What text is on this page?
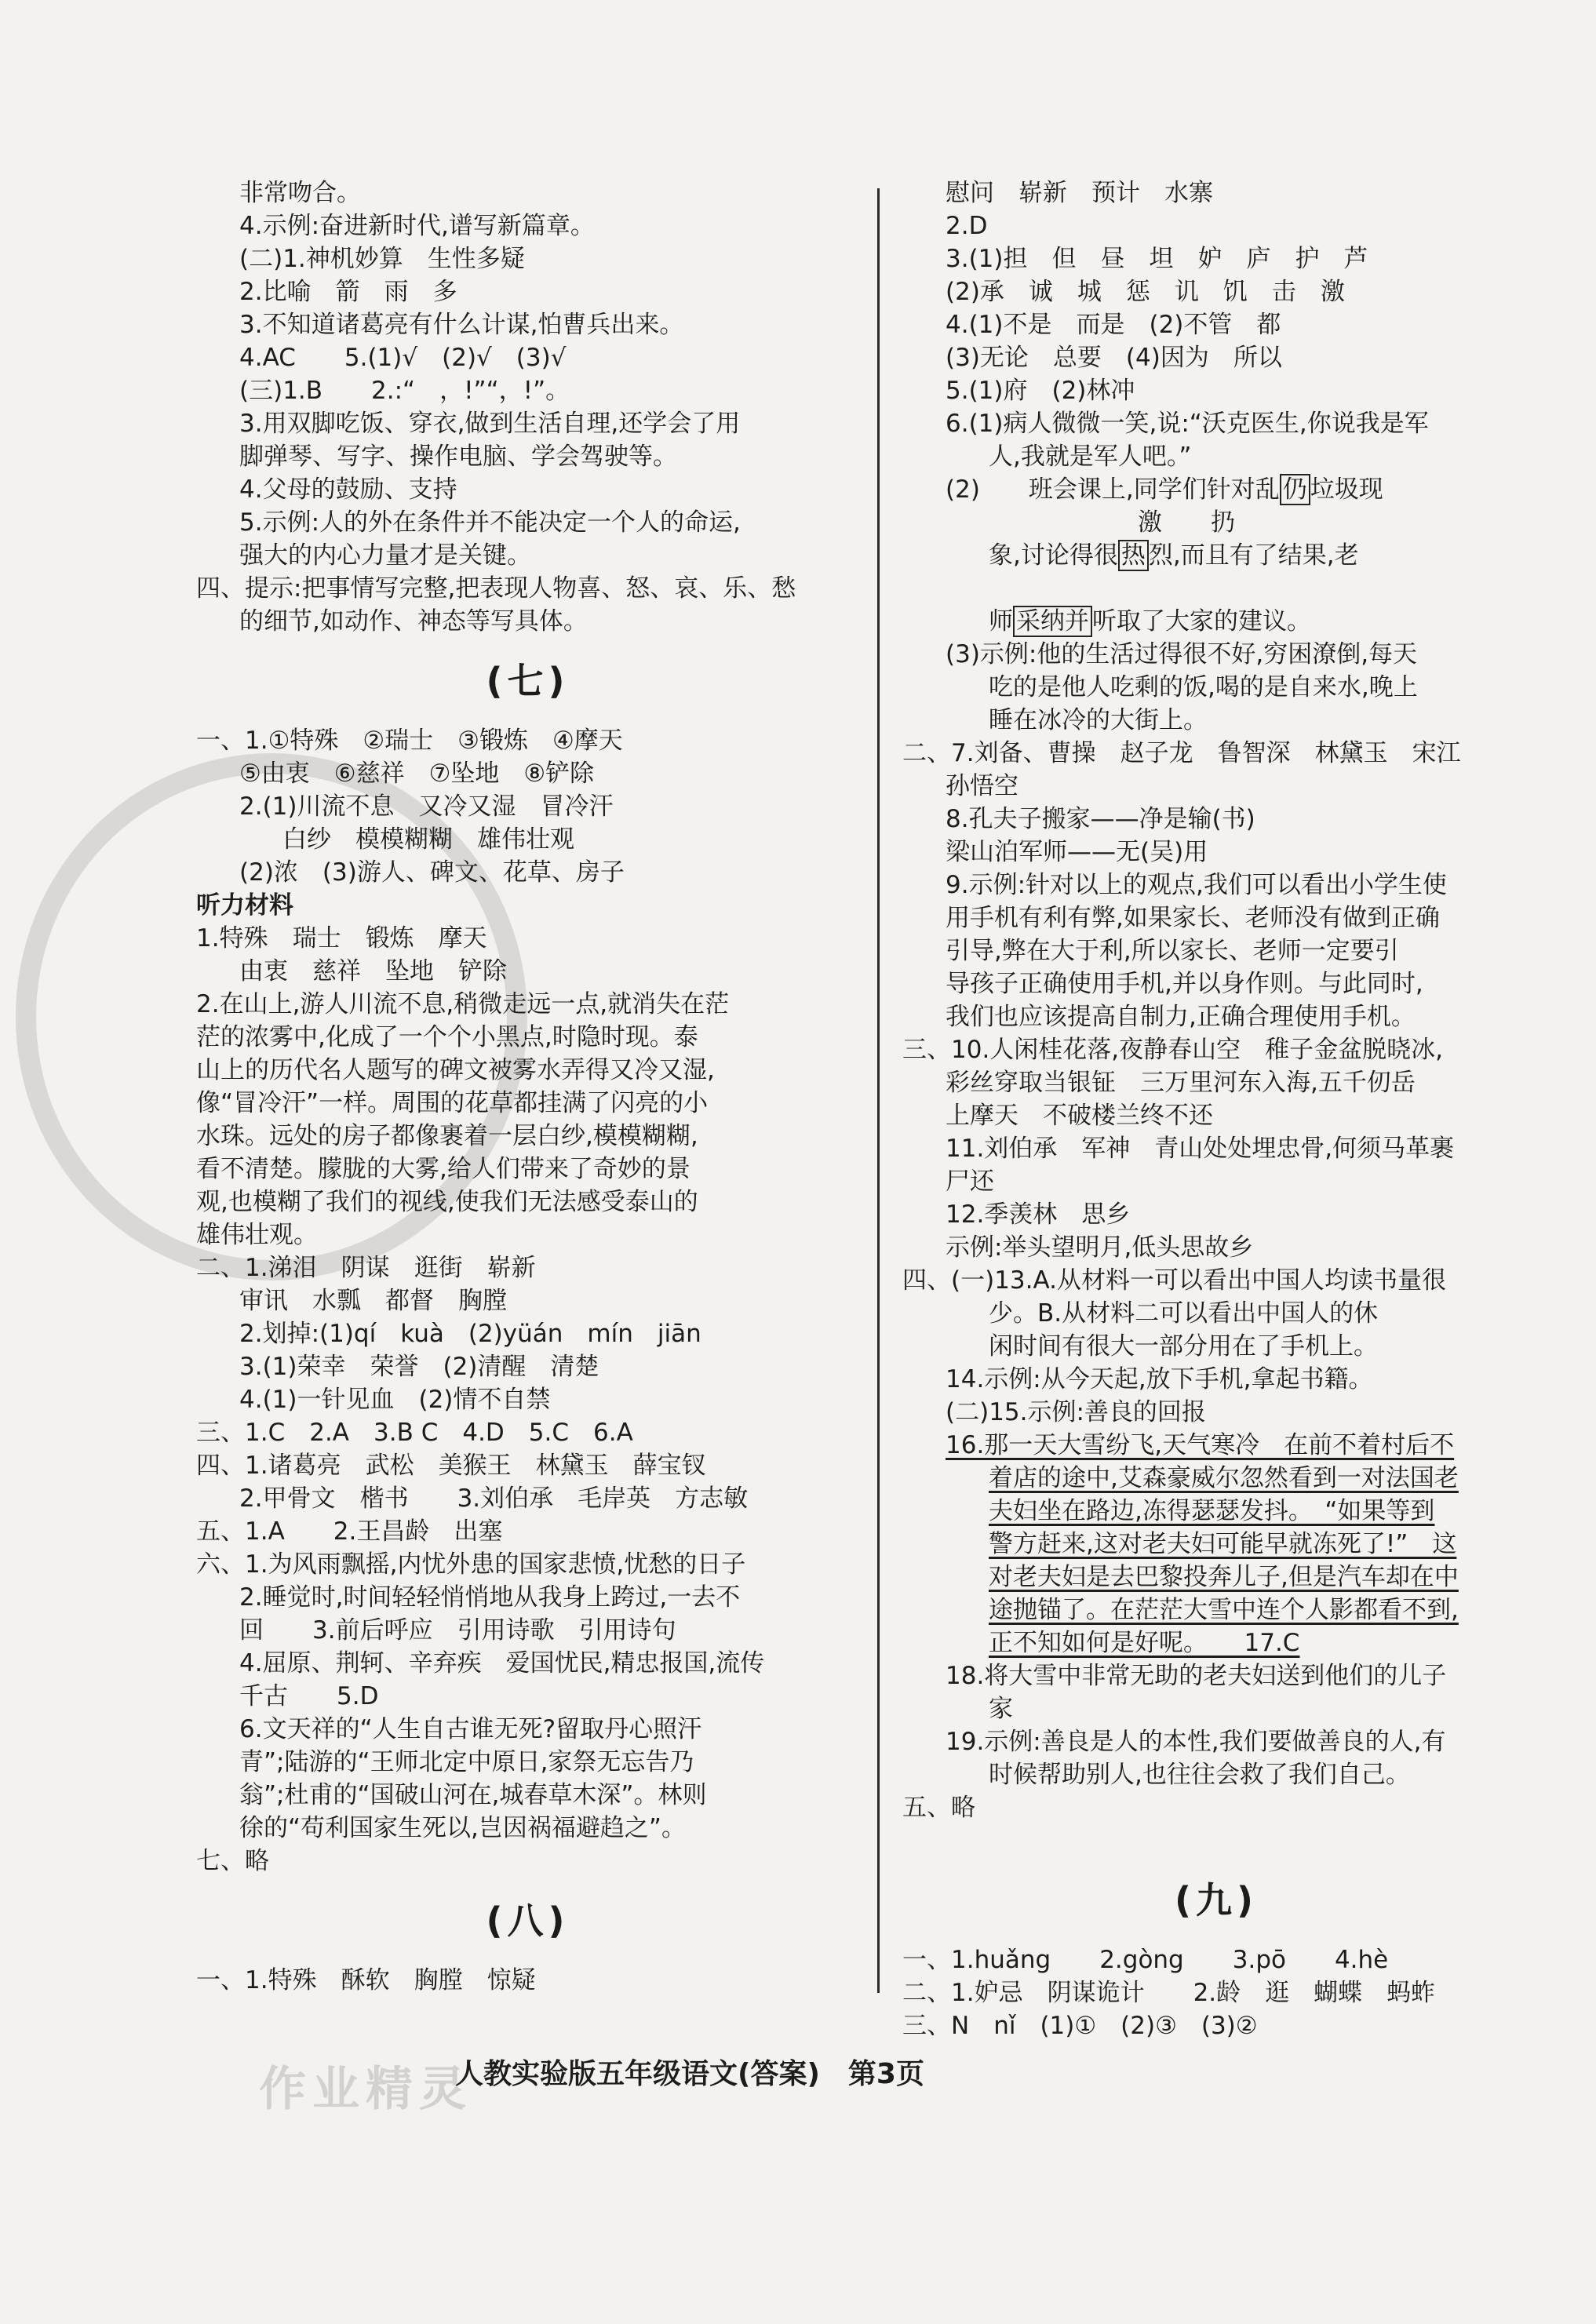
作业精灵
非常吻合。
4.示例:奋进新时代,谱写新篇章。
(二)1.神机妙算　生性多疑
2.比喻　箭　雨　多
3.不知道诸葛亮有什么计谋,怕曹兵出来。
4.AC　　5.(1)√　(2)√　(3)√
(三)1.B　　2.:“　，!”“，!”。
3.用双脚吃饭、穿衣,做到生活自理,还学会了用
脚弹琴、写字、操作电脑、学会驾驶等。
4.父母的鼓励、支持
5.示例:人的外在条件并不能决定一个人的命运,
强大的内心力量才是关键。
四、提示:把事情写完整,把表现人物喜、怒、哀、乐、愁
的细节,如动作、神态等写具体。
(七)
一、1.①特殊　②瑞士　③锻炼　④摩天
⑤由衷　⑥慈祥　⑦坠地　⑧铲除
2.(1)川流不息　又冷又湿　冒冷汗
白纱　模模糊糊　雄伟壮观
(2)浓　(3)游人、碑文、花草、房子
听力材料
1.特殊　瑞士　锻炼　摩天
由衷　慈祥　坠地　铲除
2.在山上,游人川流不息,稍微走远一点,就消失在茫
茫的浓雾中,化成了一个个小黑点,时隐时现。泰
山上的历代名人题写的碑文被雾水弄得又冷又湿,
像“冒冷汗”一样。周围的花草都挂满了闪亮的小
水珠。远处的房子都像裹着一层白纱,模模糊糊,
看不清楚。朦胧的大雾,给人们带来了奇妙的景
观,也模糊了我们的视线,使我们无法感受泰山的
雄伟壮观。
二、1.涕泪　阴谋　逛街　崭新
审讯　水瓢　都督　胸膛
2.划掉:(1)qí　kuà　(2)yüán　mín　jiān
3.(1)荣幸　荣誉　(2)清醒　清楚
4.(1)一针见血　(2)情不自禁
三、1.C　2.A　3.B C　4.D　5.C　6.A
四、1.诸葛亮　武松　美猴王　林黛玉　薛宝钗
2.甲骨文　楷书　　3.刘伯承　毛岸英　方志敏
五、1.A　　2.王昌龄　出塞
六、1.为风雨飘摇,内忧外患的国家悲愤,忧愁的日子
2.睡觉时,时间轻轻悄悄地从我身上跨过,一去不
回　　3.前后呼应　引用诗歌　引用诗句
4.屈原、荆轲、辛弃疾　爱国忧民,精忠报国,流传
千古　　5.D
6.文天祥的“人生自古谁无死?留取丹心照汗
青”;陆游的“王师北定中原日,家祭无忘告乃
翁”;杜甫的“国破山河在,城春草木深”。林则
徐的“苟利国家生死以,岂因祸福避趋之”。
七、略
(八)
一、1.特殊　酥软　胸膛　惊疑
慰问　崭新　预计　水寨
2.D
3.(1)担　但　昼　坦　妒　庐　护　芦
(2)承　诚　城　惩　讥　饥　击　激
4.(1)不是　而是　(2)不管　都
(3)无论　总要　(4)因为　所以
5.(1)府　(2)林冲
6.(1)病人微微一笑,说:“沃克医生,你说我是军
人,我就是军人吧。”
(2)　　班会课上,同学们针对乱 仍 垃圾现
激　　扔
象,讨论得很 热 烈,而且有了结果,老
师 采纳并 听取了大家的建议。
(3)示例:他的生活过得很不好,穷困潦倒,每天
吃的是他人吃剩的饭,喝的是自来水,晚上
睡在冰冷的大街上。
二、7.刘备、曹操　赵子龙　鲁智深　林黛玉　宋江
孙悟空
8.孔夫子搬家——净是输(书)
梁山泊军师——无(吴)用
9.示例:针对以上的观点,我们可以看出小学生使
用手机有利有弊,如果家长、老师没有做到正确
引导,弊在大于利,所以家长、老师一定要引
导孩子正确使用手机,并以身作则。与此同时,
我们也应该提高自制力,正确合理使用手机。
三、10.人闲桂花落,夜静春山空　稚子金盆脱晓冰,
彩丝穿取当银钲　三万里河东入海,五千仞岳
上摩天　不破楼兰终不还
11.刘伯承　军神　青山处处埋忠骨,何须马革裹
尸还
12.季羡林　思乡
示例:举头望明月,低头思故乡
四、(一)13.A.从材料一可以看出中国人均读书量很
少。B.从材料二可以看出中国人的休
闲时间有很大一部分用在了手机上。
14.示例:从今天起,放下手机,拿起书籍。
(二)15.示例:善良的回报
16.那一天大雪纷飞,天气寒冷　在前不着村后不
着店的途中,艾森豪威尔忽然看到一对法国老
夫妇坐在路边,冻得瑟瑟发抖。　“如果等到
警方赶来,这对老夫妇可能早就冻死了!”　这
对老夫妇是去巴黎投奔儿子,但是汽车却在中
途抛锚了。在茫茫大雪中连个人影都看不到,
正不知如何是好呢。　　17.C
18.将大雪中非常无助的老夫妇送到他们的儿子
家
19.示例:善良是人的本性,我们要做善良的人,有
时候帮助别人,也往往会救了我们自己。
五、略
(九)
一、1.huǎng　　2.gòng　　3.pō　　4.hè
二、1.妒忌　阴谋诡计　　2.龄　逛　蝴蝶　蚂蚱
三、N　nǐ　(1)①　(2)③　(3)②
人教实验版五年级语文(答案)　第3页
